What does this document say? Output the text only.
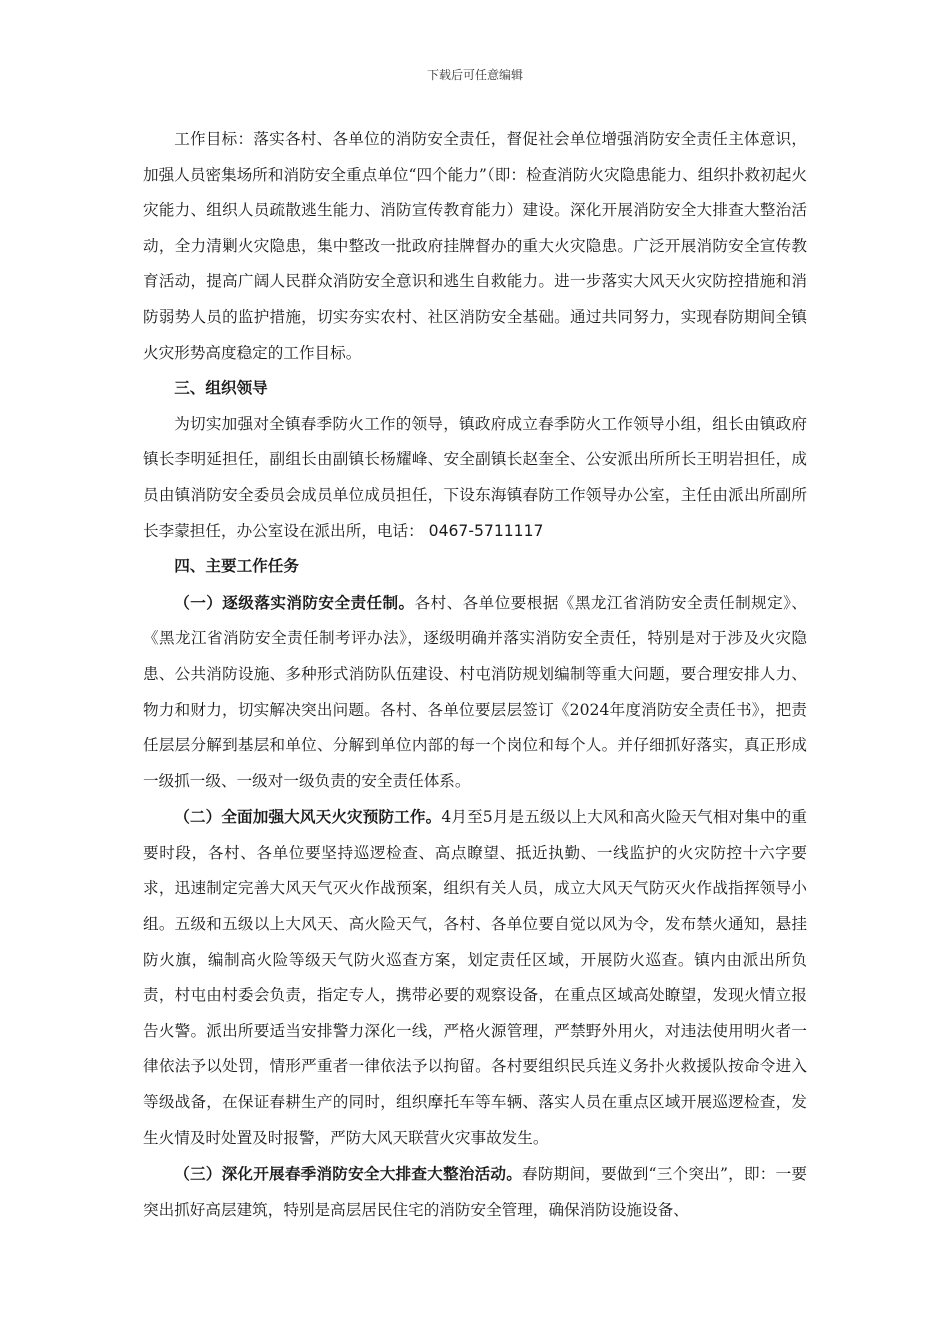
下载后可任意编辑

工作目标：落实各村、各单位的消防安全责任，督促社会单位增强消防安全责任主体意识，加强人员密集场所和消防安全重点单位“四个能力”（即：检查消防火灾隐患能力、组织扑救初起火灾能力、组织人员疏散逃生能力、消防宣传教育能力）建设。深化开展消防安全大排查大整治活动，全力清剿火灾隐患，集中整改一批政府挂牌督办的重大火灾隐患。广泛开展消防安全宣传教育活动，提高广阔人民群众消防安全意识和逃生自救能力。进一步落实大风天火灾防控措施和消防弱势人员的监护措施，切实夯实农村、社区消防安全基础。通过共同努力，实现春防期间全镇火灾形势高度稳定的工作目标。

三、组织领导

为切实加强对全镇春季防火工作的领导，镇政府成立春季防火工作领导小组，组长由镇政府镇长李明延担任，副组长由副镇长杨耀峰、安全副镇长赵奎全、公安派出所所长王明岩担任，成员由镇消防安全委员会成员单位成员担任，下设东海镇春防工作领导办公室，主任由派出所副所长李蒙担任，办公室设在派出所，电话： 0467-5711117

四、主要工作任务

（一）逐级落实消防安全责任制。各村、各单位要根据《黑龙江省消防安全责任制规定》、《黑龙江省消防安全责任制考评办法》，逐级明确并落实消防安全责任，特别是对于涉及火灾隐患、公共消防设施、多种形式消防队伍建设、村屯消防规划编制等重大问题，要合理安排人力、物力和财力，切实解决突出问题。各村、各单位要层层签订《2024年度消防安全责任书》，把责任层层分解到基层和单位、分解到单位内部的每一个岗位和每个人。并仔细抓好落实，真正形成一级抓一级、一级对一级负责的安全责任体系。

（二）全面加强大风天火灾预防工作。4月至5月是五级以上大风和高火险天气相对集中的重要时段，各村、各单位要坚持巡逻检查、高点瞭望、抵近执勤、一线监护的火灾防控十六字要求，迅速制定完善大风天气灭火作战预案，组织有关人员，成立大风天气防灭火作战指挥领导小组。五级和五级以上大风天、高火险天气，各村、各单位要自觉以风为令，发布禁火通知，悬挂防火旗，编制高火险等级天气防火巡查方案，划定责任区域，开展防火巡查。镇内由派出所负责，村屯由村委会负责，指定专人，携带必要的观察设备，在重点区域高处瞭望，发现火情立报告火警。派出所要适当安排警力深化一线，严格火源管理，严禁野外用火，对违法使用明火者一律依法予以处罚，情形严重者一律依法予以拘留。各村要组织民兵连义务扑火救援队按命令进入等级战备，在保证春耕生产的同时，组织摩托车等车辆、落实人员在重点区域开展巡逻检查，发生火情及时处置及时报警，严防大风天联营火灾事故发生。

（三）深化开展春季消防安全大排查大整治活动。春防期间，要做到“三个突出”，即：一要突出抓好高层建筑，特别是高层居民住宅的消防安全管理，确保消防设施设备、
